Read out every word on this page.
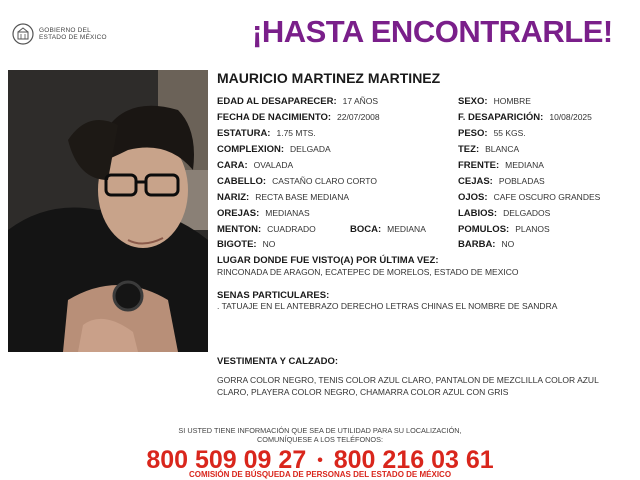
GOBIERNO DEL
ESTADO DE MÉXICO	¡HASTA ENCONTRARLE!
MAURICIO MARTINEZ MARTINEZ
EDAD AL DESAPARECER: 17 AÑOS
FECHA DE NACIMIENTO: 22/07/2008
ESTATURA: 1.75 MTS.
COMPLEXION: DELGADA
CARA: OVALADA
CABELLO: CASTAÑO CLARO CORTO
NARIZ: RECTA BASE MEDIANA
OREJAS: MEDIANAS
MENTON: CUADRADO	BOCA: MEDIANA
BIGOTE: NO
SEXO: HOMBRE
F. DESAPARICIÓN: 10/08/2025
PESO: 55 KGS.
TEZ: BLANCA
FRENTE: MEDIANA
CEJAS: POBLADAS
OJOS: CAFE OSCURO GRANDES
LABIOS: DELGADOS
POMULOS: PLANOS
BARBA: NO
LUGAR DONDE FUE VISTO(A) POR ÚLTIMA VEZ:
RINCONADA DE ARAGON, ECATEPEC DE MORELOS, ESTADO DE MEXICO
SENAS PARTICULARES:
. TATUAJE EN EL ANTEBRAZO DERECHO LETRAS CHINAS EL NOMBRE DE SANDRA
VESTIMENTA Y CALZADO:
GORRA COLOR NEGRO, TENIS COLOR AZUL CLARO, PANTALON DE MEZCLILLA COLOR AZUL CLARO, PLAYERA COLOR NEGRO, CHAMARRA COLOR AZUL CON GRIS
SI USTED TIENE INFORMACIÓN QUE SEA DE UTILIDAD PARA SU LOCALIZACIÓN,
COMUNÍQUESE A LOS TELÉFONOS:
800 509 09 27 • 800 216 03 61
COMISIÓN DE BÚSQUEDA DE PERSONAS DEL ESTADO DE MÉXICO
